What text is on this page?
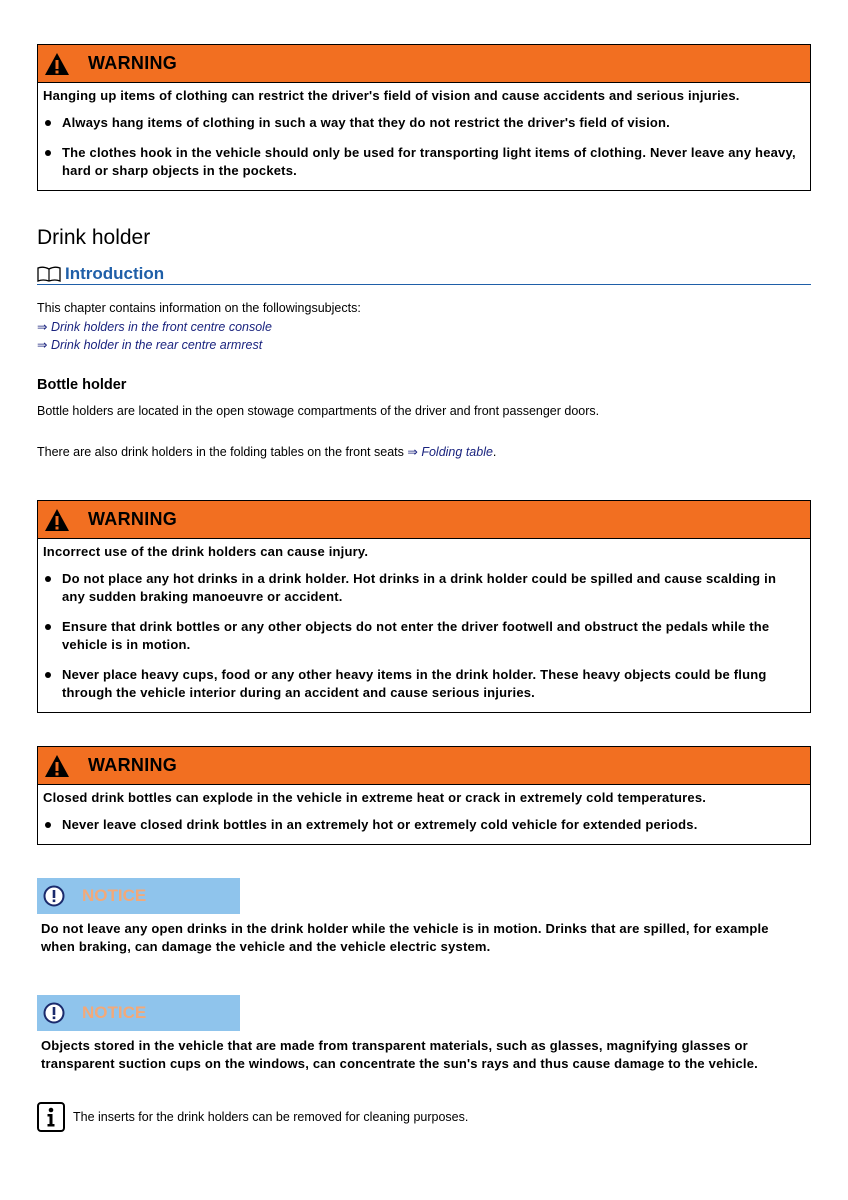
WARNING

Hanging up items of clothing can restrict the driver's field of vision and cause accidents and serious injuries.

Always hang items of clothing in such a way that they do not restrict the driver's field of vision.
The clothes hook in the vehicle should only be used for transporting light items of clothing. Never leave any heavy, hard or sharp objects in the pockets.
Drink holder
Introduction

This chapter contains information on the followingsubjects:

⇒ Drink holders in the front centre console

⇒ Drink holder in the rear centre armrest

Bottle holder

Bottle holders are located in the open stowage compartments of the driver and front passenger doors.

There are also drink holders in the folding tables on the front seats ⇒ Folding table.

WARNING

Incorrect use of the drink holders can cause injury.

Do not place any hot drinks in a drink holder. Hot drinks in a drink holder could be spilled and cause scalding in any sudden braking manoeuvre or accident.
Ensure that drink bottles or any other objects do not enter the driver footwell and obstruct the pedals while the vehicle is in motion.
Never place heavy cups, food or any other heavy items in the drink holder. These heavy objects could be flung through the vehicle interior during an accident and cause serious injuries.
WARNING

Closed drink bottles can explode in the vehicle in extreme heat or crack in extremely cold temperatures.

Never leave closed drink bottles in an extremely hot or extremely cold vehicle for extended periods.
NOTICE

Do not leave any open drinks in the drink holder while the vehicle is in motion. Drinks that are spilled, for example when braking, can damage the vehicle and the vehicle electric system.

NOTICE

Objects stored in the vehicle that are made from transparent materials, such as glasses, magnifying glasses or transparent suction cups on the windows, can concentrate the sun's rays and thus cause damage to the vehicle.

The inserts for the drink holders can be removed for cleaning purposes.
